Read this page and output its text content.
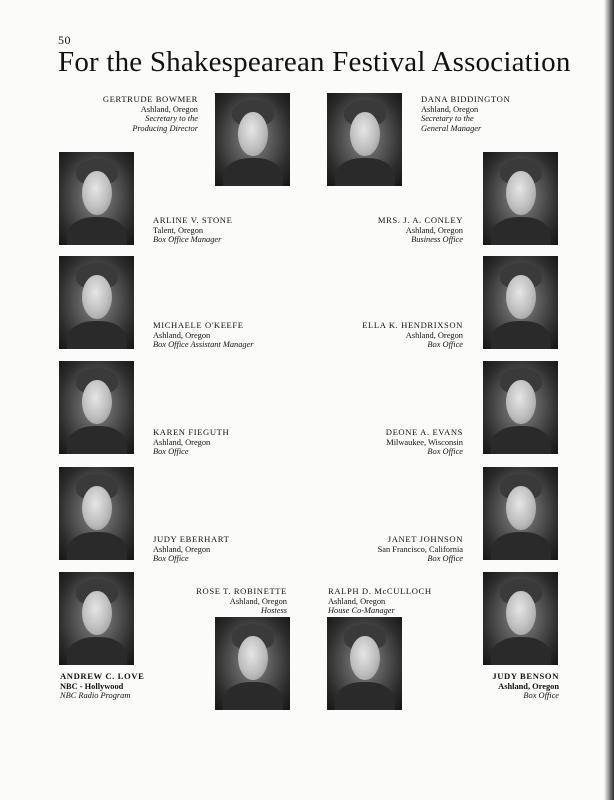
50
For the Shakespearean Festival Association
GERTRUDE BOWMER
Ashland, Oregon
Secretary to the
Producing Director
DANA BIDDINGTON
Ashland, Oregon
Secretary to the
General Manager
ARLINE V. STONE
Talent, Oregon
Box Office Manager
MRS. J. A. CONLEY
Ashland, Oregon
Business Office
MICHAELE O'KEEFE
Ashland, Oregon
Box Office Assistant Manager
ELLA K. HENDRIXSON
Ashland, Oregon
Box Office
KAREN FIEGUTH
Ashland, Oregon
Box Office
DEONE A. EVANS
Milwaukee, Wisconsin
Box Office
JUDY EBERHART
Ashland, Oregon
Box Office
JANET JOHNSON
San Francisco, California
Box Office
ROSE T. ROBINETTE
Ashland, Oregon
Hostess
RALPH D. McCULLOCH
Ashland, Oregon
House Co-Manager
ANDREW C. LOVE
NBC - Hollywood
NBC Radio Program
JUDY BENSON
Ashland, Oregon
Box Office
